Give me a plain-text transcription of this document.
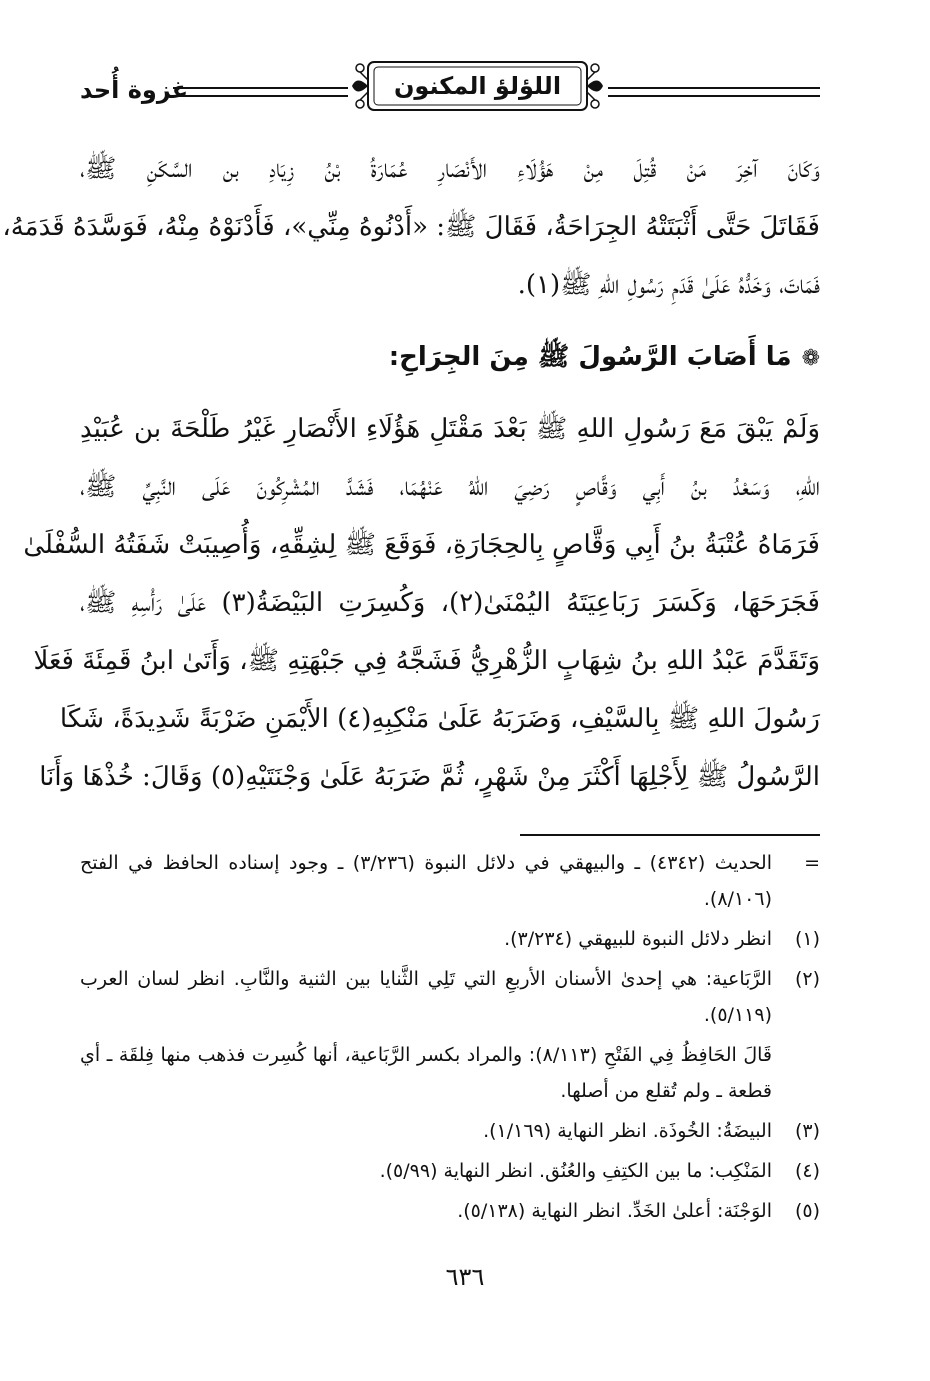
اللؤلؤ المكنون
غزوة أُحد
وَكَانَ آخِرَ مَنْ قُتِلَ مِنْ هَؤُلَاءِ الأَنْصَارِ عُمَارَةُ بْنُ زِيَادِ بن السَّكَنِ ﷺ،
فَقَاتَلَ حَتَّى أَثْبَتَتْهُ الجِرَاحَةُ، فَقَالَ ﷺ: «أَدْنُوهُ مِنِّي»، فَأَدْنَوْهُ مِنْهُ، فَوَسَّدَهُ قَدَمَهُ،
فَمَاتَ، وَخَدُّهُ عَلَىٰ قَدَمِ رَسُولِ اللهِ ﷺ(١).
❁مَا أَصَابَ الرَّسُولَ ﷺ مِنَ الجِرَاحِ:
وَلَمْ يَبْقَ مَعَ رَسُولِ اللهِ ﷺ بَعْدَ مَقْتَلِ هَؤُلَاءِ الأَنْصَارِ غَيْرُ طَلْحَةَ بن عُبَيْدِ
اللهِ، وَسَعْدُ بنُ أَبِي وَقَّاصٍ رَضِيَ اللهُ عَنْهُمَا، فَشَدَّ المُشْرِكُونَ عَلَى النَّبِيِّ ﷺ،
فَرَمَاهُ عُتْبَةُ بنُ أَبِي وَقَّاصٍ بِالحِجَارَةِ، فَوَقَعَ ﷺ لِشِقِّهِ، وَأُصِيبَتْ شَفَتُهُ السُّفْلَىٰ
فَجَرَحَهَا، وَكَسَرَ رَبَاعِيَتَهُ اليُمْنَىٰ(٢)، وَكُسِرَتِ البَيْضَةُ(٣) عَلَىٰ رَأْسِهِ ﷺ،
وَتَقَدَّمَ عَبْدُ اللهِ بنُ شِهَابٍ الزُّهْرِيُّ فَشَجَّهُ فِي جَبْهَتِهِ ﷺ، وَأَتَىٰ ابنُ قَمِئَةَ فَعَلَا
رَسُولَ اللهِ ﷺ بِالسَّيْفِ، وَضَرَبَهُ عَلَىٰ مَنْكِبِهِ(٤) الأَيْمَنِ ضَرْبَةً شَدِيدَةً، شَكَا
الرَّسُولُ ﷺ لِأَجْلِهَا أَكْثَرَ مِنْ شَهْرٍ، ثُمَّ ضَرَبَهُ عَلَىٰ وَجْنَتَيْهِ(٥) وَقَالَ: خُذْهَا وَأَنَا
=
الحديث (٤٣٤٢) ـ والبيهقي في دلائل النبوة (٣/٢٣٦) ـ وجود إسناده الحافظ في الفتح (٨/١٠٦).
(١)
انظر دلائل النبوة للبيهقي (٣/٢٣٤).
(٢)
الرَّبَاعية: هي إحدىٰ الأسنان الأربعِ التي تَلِي الثَّنايا بين الثنية والنَّابِ. انظر لسان العرب (٥/١١٩).
قَالَ الحَافِظُ فِي الفَتْحِ (٨/١١٣): والمراد بكسر الرَّبَاعية، أنها كُسِرت فذهب منها فِلقَة ـ أي قطعة ـ ولم تُقلع من أصلها.
(٣)
البيضَةُ: الخُوذَة. انظر النهاية (١/١٦٩).
(٤)
المَنْكِب: ما بين الكتِفِ والعُنُق. انظر النهاية (٥/٩٩).
(٥)
الوَجْنَة: أعلىٰ الخَدِّ. انظر النهاية (٥/١٣٨).
٦٣٦
